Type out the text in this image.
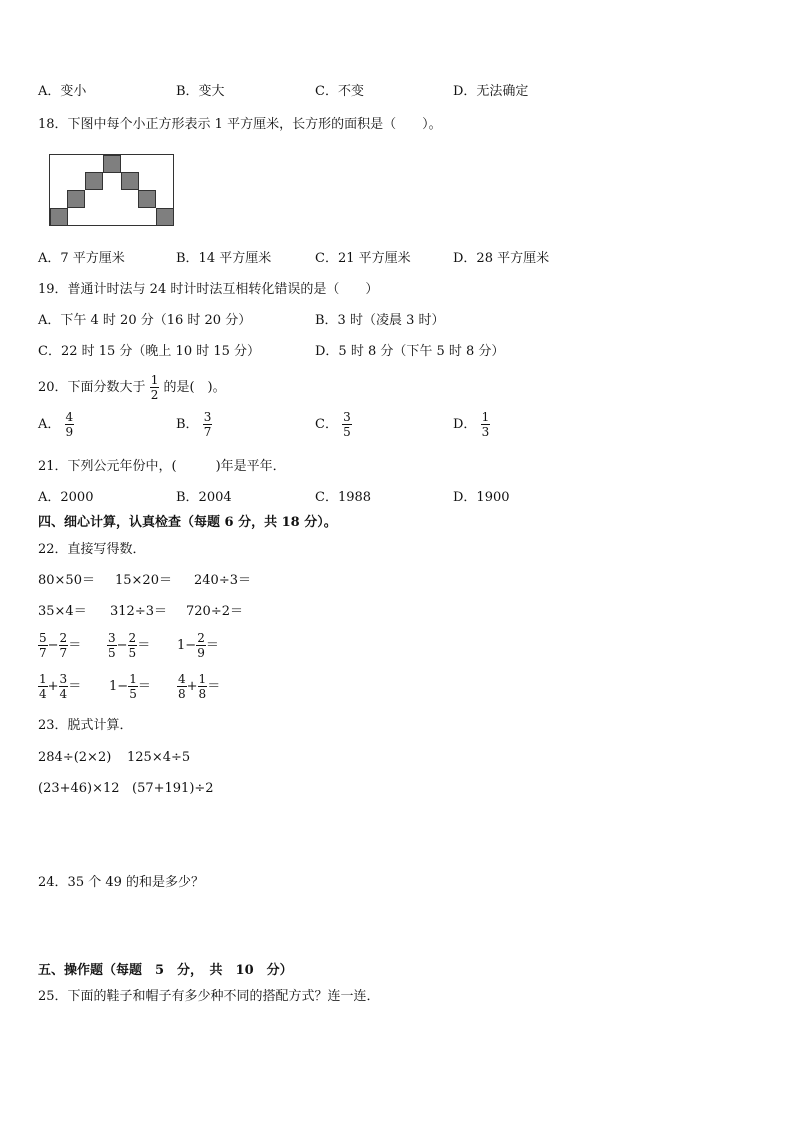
A．变小	B．变大	C．不变	D．无法确定
18．下图中每个小正方形表示 1 平方厘米，长方形的面积是（　　）。
A．7 平方厘米	B．14 平方厘米	C．21 平方厘米	D．28 平方厘米
19．普通计时法与 24 时计时法互相转化错误的是（　　）
A．下午 4 时 20 分（16 时 20 分）	B．3 时（凌晨 3 时）
C．22 时 15 分（晚上 10 时 15 分）	D．5 时 8 分（下午 5 时 8 分）
20．下面分数大于 $\frac{1}{2}$ 的是(　)。
A． $\frac{4}{9}$	B． $\frac{3}{7}$	C． $\frac{3}{5}$	D． $\frac{1}{3}$
21．下列公元年份中，(　　　)年是平年．
A．2000	B．2004	C．1988	D．1900
四、细心计算，认真检查（每题 6 分，共 18 分）。
22．直接写得数．
80×50＝ 15×20＝ 240÷3＝
35×4＝ 312÷3＝ 720÷2＝
$\frac{5}{7} - \frac{2}{7} = \frac{3}{5} - \frac{2}{5} = 1- \frac{2}{9}$ ＝
$\frac{1}{4} + \frac{3}{4} = 1- \frac{1}{5} = \frac{4}{8} + \frac{1}{8}$ ＝
23．脱式计算．
284÷(2×2) 125×4÷5
(23+46)×12 (57+191)÷2
24．35 个 49 的和是多少？
五、操作题（每题　5　分，　共　10　分）
25．下面的鞋子和帽子有多少种不同的搭配方式？连一连．
